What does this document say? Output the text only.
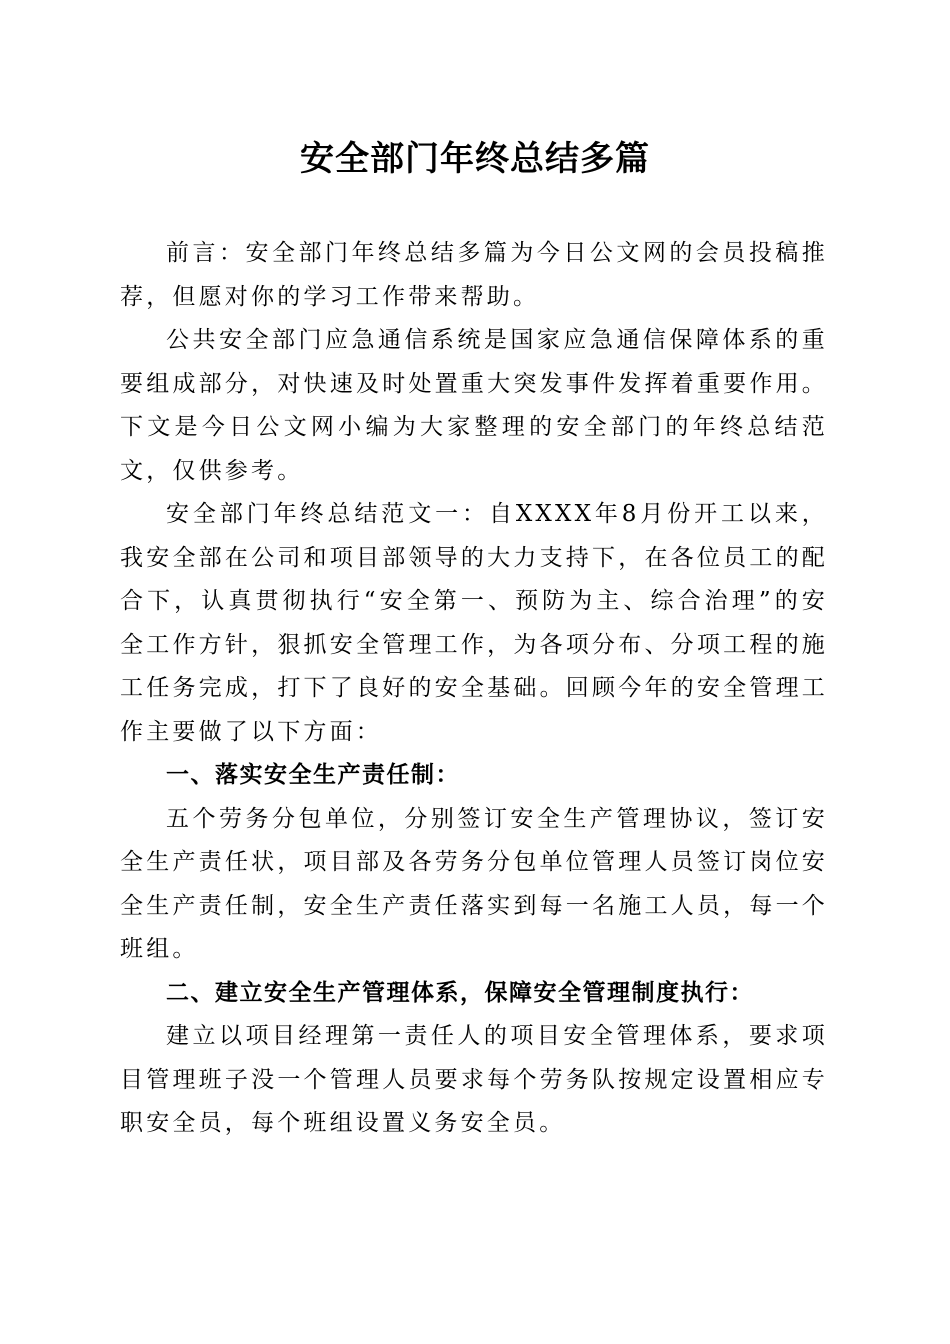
安全部门年终总结多篇

前言：安全部门年终总结多篇为今日公文网的会员投稿推荐，但愿对你的学习工作带来帮助。

公共安全部门应急通信系统是国家应急通信保障体系的重要组成部分，对快速及时处置重大突发事件发挥着重要作用。下文是今日公文网小编为大家整理的安全部门的年终总结范文，仅供参考。

安全部门年终总结范文一：自XXXX年8月份开工以来，我安全部在公司和项目部领导的大力支持下，在各位员工的配合下，认真贯彻执行“安全第一、预防为主、综合治理”的安全工作方针，狠抓安全管理工作，为各项分布、分项工程的施工任务完成，打下了良好的安全基础。回顾今年的安全管理工作主要做了以下方面：

一、落实安全生产责任制：

五个劳务分包单位，分别签订安全生产管理协议，签订安全生产责任状，项目部及各劳务分包单位管理人员签订岗位安全生产责任制，安全生产责任落实到每一名施工人员，每一个班组。

二、建立安全生产管理体系，保障安全管理制度执行：

建立以项目经理第一责任人的项目安全管理体系，要求项目管理班子没一个管理人员要求每个劳务队按规定设置相应专职安全员，每个班组设置义务安全员。
